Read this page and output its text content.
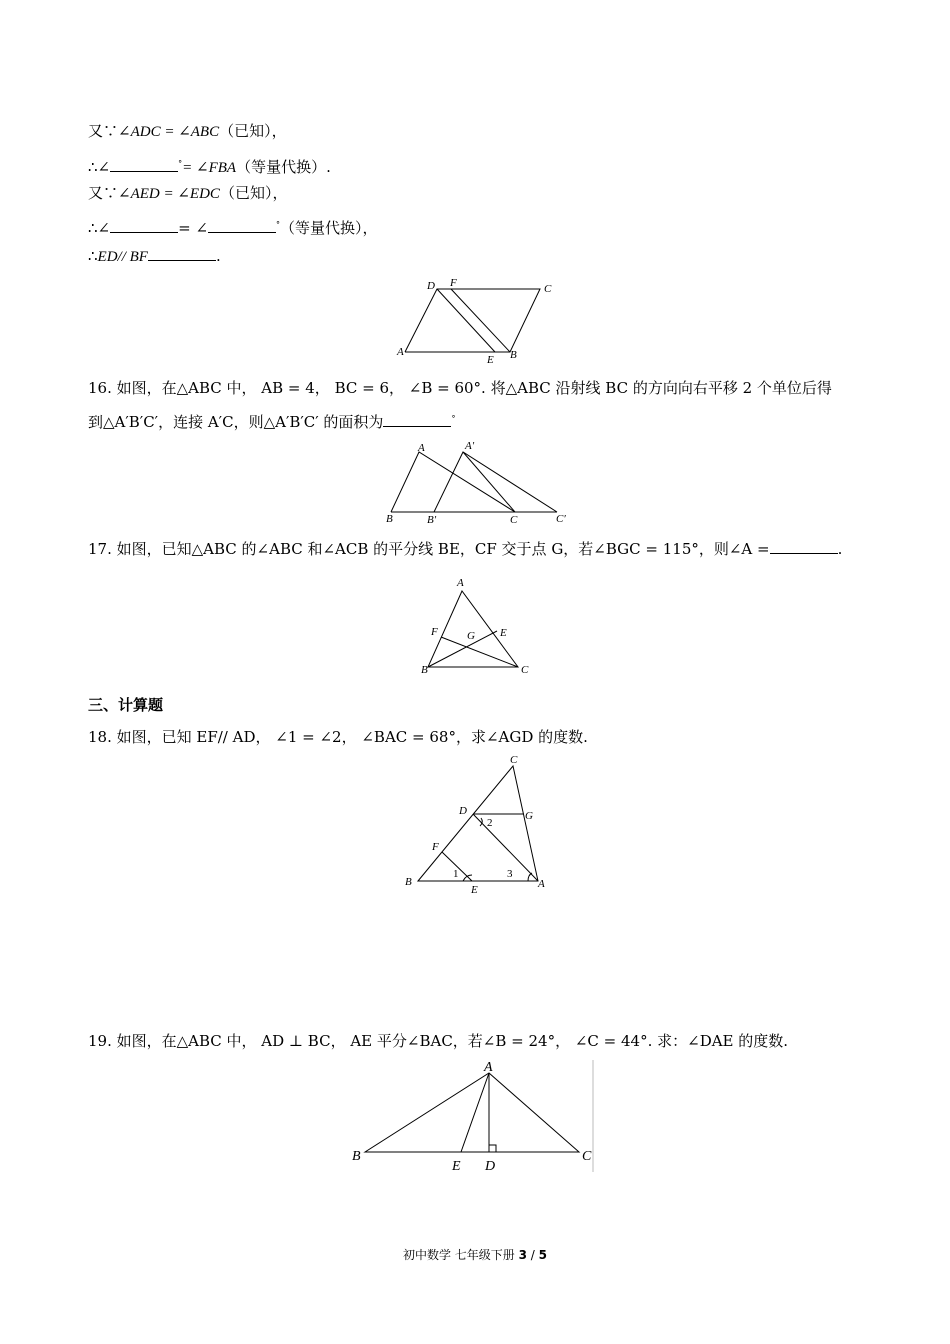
又∵∠ADC = ∠ABC（已知），
∴∠	°= ∠FBA（等量代换）.
又∵∠AED = ∠EDC（已知），
∴∠	= ∠	°（等量代换），
∴ED// BF	.
D F	C
A
E B
16. 如图，在△ABC 中， AB = 4， BC = 6， ∠B = 60°. 将△ABC 沿射线 BC 的方向向右平移 2 个单位后得
到△A′B′C′，连接 A′C，则△A′B′C′ 的面积为	°
A	A′
B	B′	C	C′
17. 如图，已知△ABC 的∠ABC 和∠ACB 的平分线 BE，CF 交于点 G，若∠BGC = 115°，则∠A =	.
A
B	C
F	E
G
三、计算题
18. 如图，已知 EF// AD， ∠1 = ∠2， ∠BAC = 68°，求∠AGD 的度数.
C
D	G
F
B
E	A
2
1	3
19. 如图，在△ABC 中， AD ⊥ BC， AE 平分∠BAC，若∠B = 24°， ∠C = 44°. 求：∠DAE 的度数.
A
B
E D
C
初中数学 七年级下册 3 / 5
